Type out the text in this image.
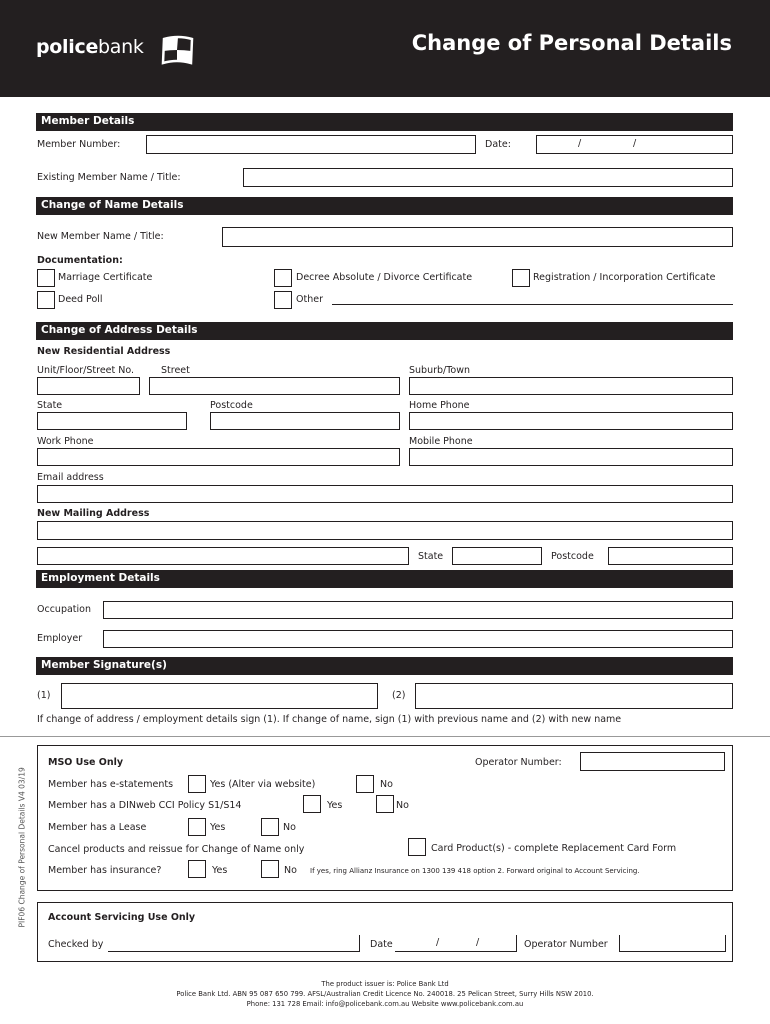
policebank	Change of Personal Details
Member Details
Member Number:	Date:	/	/
Existing Member Name / Title:
Change of Name Details
New Member Name / Title:
Documentation:
Marriage Certificate	Decree Absolute / Divorce Certificate	Registration / Incorporation Certificate
Deed Poll	Other
Change of Address Details
New Residential Address
Unit/Floor/Street No.	Street	Suburb/Town
State	Postcode	Home Phone
Work Phone	Mobile Phone
Email address
New Mailing Address
State	Postcode
Employment Details
Occupation
Employer
Member Signature(s)
(1)	(2)
If change of address / employment details sign (1). If change of name, sign (1) with previous name and (2) with new name
PIF06 Change of Personal Details V4 03/19
MSO Use Only	Operator Number:
Member has e-statements	Yes (Alter via website)	No
Member has a DINweb CCI Policy S1/S14	Yes	No
Member has a Lease	Yes	No
Cancel products and reissue for Change of Name only	Card Product(s) - complete Replacement Card Form
Member has insurance?	Yes	No If yes, ring Allianz Insurance on 1300 139 418 option 2. Forward original to Account Servicing.
Account Servicing Use Only
Checked by	Date	/	/	Operator Number
The product issuer is: Police Bank Ltd
Police Bank Ltd. ABN 95 087 650 799. AFSL/Australian Credit Licence No. 240018. 25 Pelican Street, Surry Hills NSW 2010.
Phone: 131 728 Email: info@policebank.com.au Website www.policebank.com.au
